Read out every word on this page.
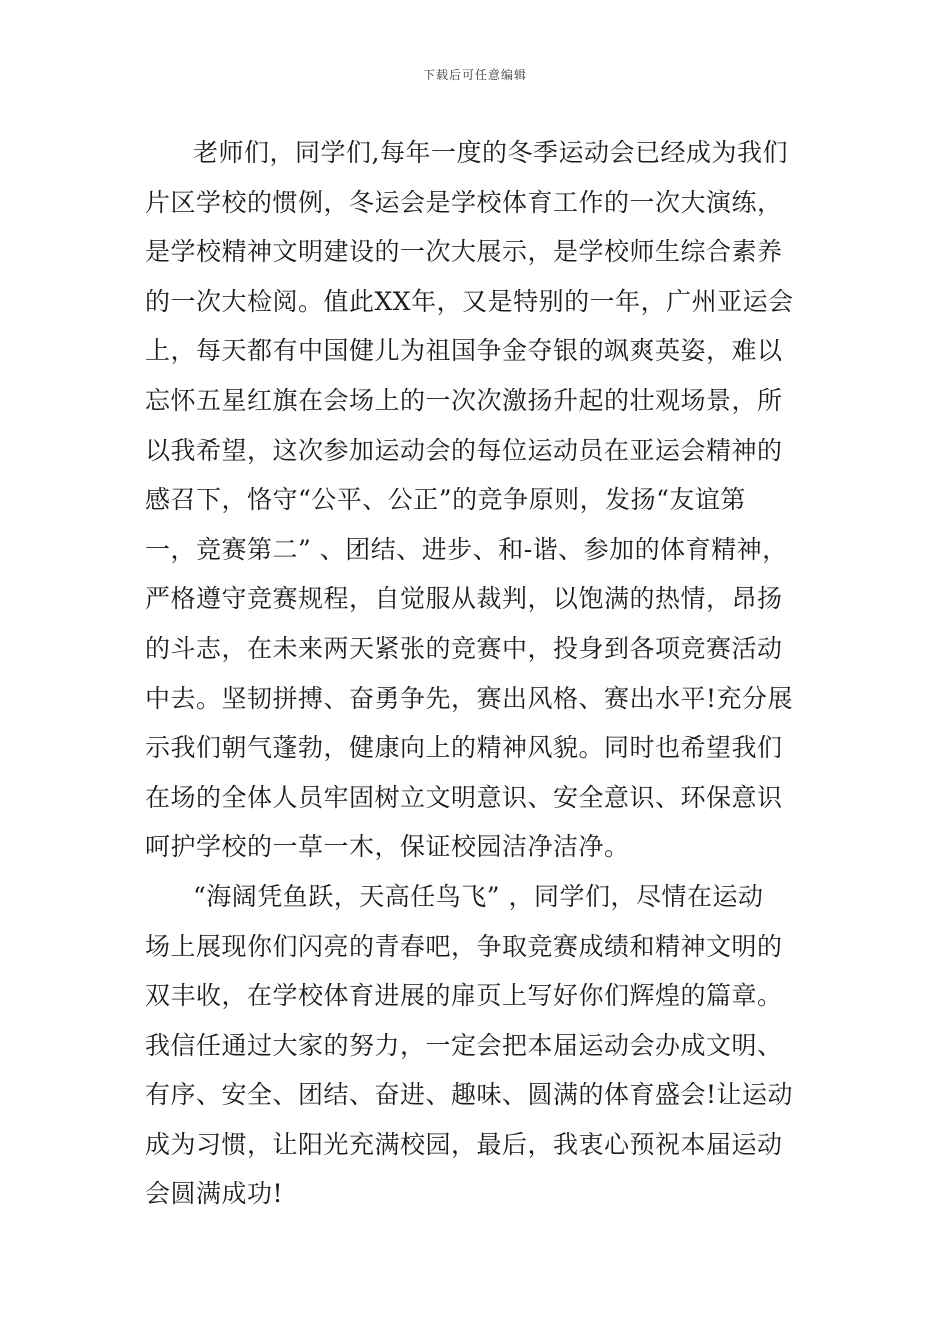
下载后可任意编辑
老师们，同学们,每年一度的冬季运动会已经成为我们
片区学校的惯例，冬运会是学校体育工作的一次大演练，
是学校精神文明建设的一次大展示，是学校师生综合素养
的一次大检阅。值此XX年，又是特别的一年，广州亚运会
上，每天都有中国健儿为祖国争金夺银的飒爽英姿，难以
忘怀五星红旗在会场上的一次次激扬升起的壮观场景，所
以我希望，这次参加运动会的每位运动员在亚运会精神的
感召下，恪守“公平、公正”的竞争原则，发扬“友谊第
一，竞赛第二” 、团结、进步、和-谐、参加的体育精神，
严格遵守竞赛规程，自觉服从裁判，以饱满的热情，昂扬
的斗志，在未来两天紧张的竞赛中，投身到各项竞赛活动
中去。坚韧拼搏、奋勇争先，赛出风格、赛出水平!充分展
示我们朝气蓬勃，健康向上的精神风貌。同时也希望我们
在场的全体人员牢固树立文明意识、安全意识、环保意识
呵护学校的一草一木，保证校园洁净洁净。
“海阔凭鱼跃，天高任鸟飞” ，同学们，尽情在运动
场上展现你们闪亮的青春吧，争取竞赛成绩和精神文明的
双丰收，在学校体育进展的扉页上写好你们辉煌的篇章。
我信任通过大家的努力，一定会把本届运动会办成文明、
有序、安全、团结、奋进、趣味、圆满的体育盛会!让运动
成为习惯，让阳光充满校园，最后，我衷心预祝本届运动
会圆满成功!
